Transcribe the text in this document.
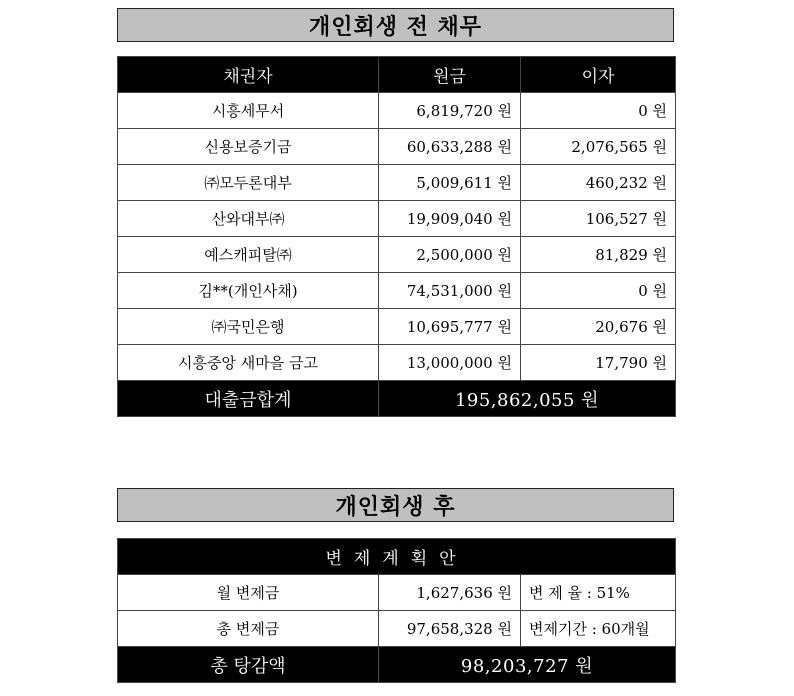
개인회생 전 채무
채권자	원금	이자
시흥세무서	6,819,720 원	0 원
신용보증기금	60,633,288 원	2,076,565 원
㈜모두론대부	5,009,611 원	460,232 원
산와대부㈜	19,909,040 원	106,527 원
예스캐피탈㈜	2,500,000 원	81,829 원
김**(개인사채)	74,531,000 원	0 원
㈜국민은행	10,695,777 원	20,676 원
시흥중앙 새마을 금고	13,000,000 원	17,790 원
대출금합계	195,862,055 원	
개인회생 후
변제계획안		
월 변제금	1,627,636 원	변 제 율 : 51%
총 변제금	97,658,328 원	변제기간 : 60개월
총 탕감액	98,203,727 원	
